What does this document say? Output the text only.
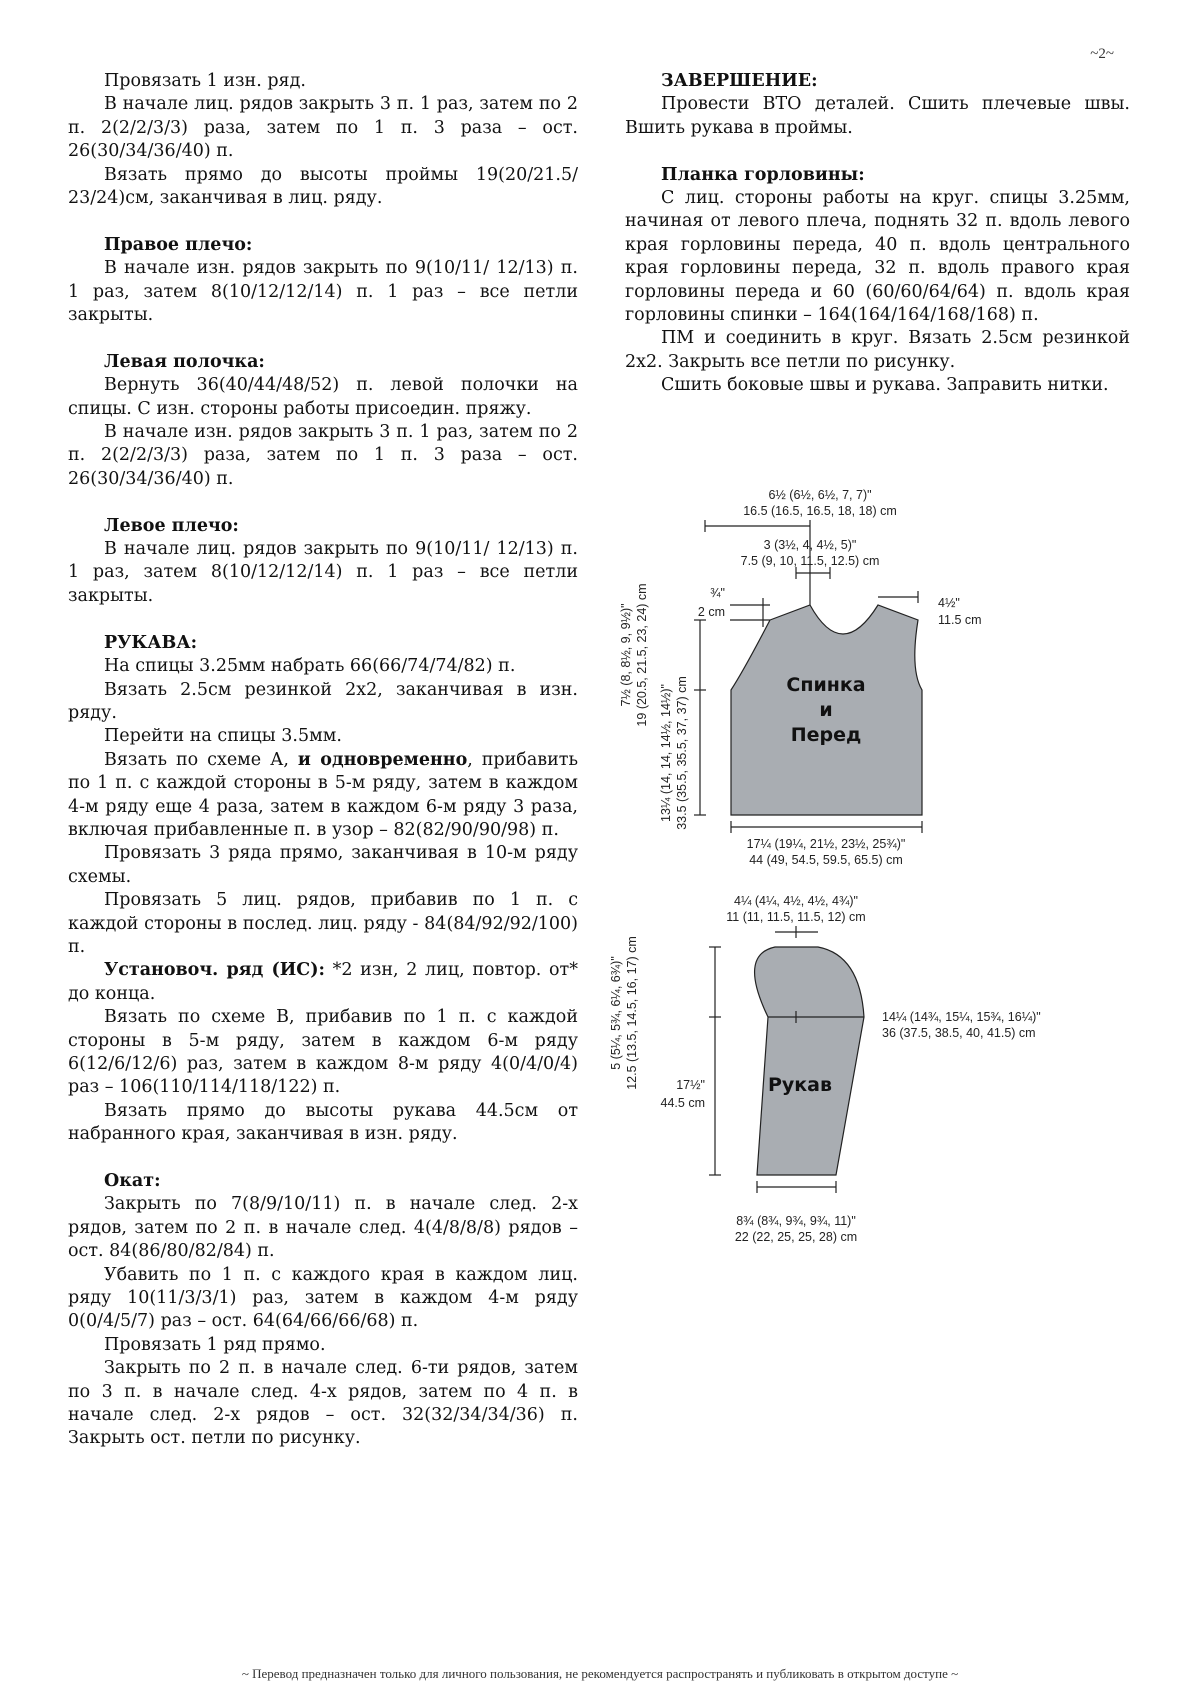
~2~

Провязать 1 изн. ряд.

В начале лиц. рядов закрыть 3 п. 1 раз, затем по 2 п. 2(2/2/3/3) раза, затем по 1 п. 3 раза – ост. 26(30/34/36/40) п.

Вязать прямо до высоты проймы 19(20/21.5/ 23/24)см, заканчивая в лиц. ряду.

Правое плечо:

В начале изн. рядов закрыть по 9(10/11/ 12/13) п. 1 раз, затем 8(10/12/12/14) п. 1 раз – все петли закрыты.

Левая полочка:

Вернуть 36(40/44/48/52) п. левой полочки на спицы. С изн. стороны работы присоедин. пряжу.

В начале изн. рядов закрыть 3 п. 1 раз, затем по 2 п. 2(2/2/3/3) раза, затем по 1 п. 3 раза – ост. 26(30/34/36/40) п.

Левое плечо:

В начале лиц. рядов закрыть по 9(10/11/ 12/13) п. 1 раз, затем 8(10/12/12/14) п. 1 раз – все петли закрыты.

РУКАВА:

На спицы 3.25мм набрать 66(66/74/74/82) п.

Вязать 2.5см резинкой 2х2, заканчивая в изн. ряду.

Перейти на спицы 3.5мм.

Вязать по схеме А, и одновременно, прибавить по 1 п. с каждой стороны в 5-м ряду, затем в каждом 4-м ряду еще 4 раза, затем в каждом 6-м ряду 3 раза, включая прибавленные п. в узор – 82(82/90/90/98) п.

Провязать 3 ряда прямо, заканчивая в 10-м ряду схемы.

Провязать 5 лиц. рядов, прибавив по 1 п. с каждой стороны в послед. лиц. ряду - 84(84/92/92/100) п.

Установоч. ряд (ИС): *2 изн, 2 лиц, повтор. от* до конца.

Вязать по схеме В, прибавив по 1 п. с каждой стороны в 5-м ряду, затем в каждом 6-м ряду 6(12/6/12/6) раз, затем в каждом 8-м ряду 4(0/4/0/4) раз – 106(110/114/118/122) п.

Вязать прямо до высоты рукава 44.5см от набранного края, заканчивая в изн. ряду.

Окат:

Закрыть по 7(8/9/10/11) п. в начале след. 2-х рядов, затем по 2 п. в начале след. 4(4/8/8/8) рядов – ост. 84(86/80/82/84) п.

Убавить по 1 п. с каждого края в каждом лиц. ряду 10(11/3/3/1) раз, затем в каждом 4-м ряду 0(0/4/5/7) раз – ост. 64(64/66/66/68) п.

Провязать 1 ряд прямо.

Закрыть по 2 п. в начале след. 6-ти рядов, затем по 3 п. в начале след. 4-х рядов, затем по 4 п. в начале след. 2-х рядов – ост. 32(32/34/34/36) п. Закрыть ост. петли по рисунку.

ЗАВЕРШЕНИЕ:

Провести ВТО деталей. Сшить плечевые швы. Вшить рукава в проймы.

Планка горловины:

С лиц. стороны работы на круг. спицы 3.25мм, начиная от левого плеча, поднять 32 п. вдоль левого края горловины переда, 40 п. вдоль центрального края горловины переда, 32 п. вдоль правого края горловины переда и 60 (60/60/64/64) п. вдоль края горловины спинки – 164(164/164/168/168) п.

ПМ и соединить в круг. Вязать 2.5см резинкой 2х2. Закрыть все петли по рисунку.

Сшить боковые швы и рукава. Заправить нитки.

6½ (6½, 6½, 7, 7)"
16.5 (16.5, 16.5, 18, 18) cm
3 (3½, 4, 4½, 5)"
7.5 (9, 10, 11.5, 12.5) cm
¾"
2 cm
4½"
11.5 cm
17¼ (19¼, 21½, 23½, 25¾)"
44 (49, 54.5, 59.5, 65.5) cm
7½ (8, 8½, 9, 9½)" 19 (20.5, 21.5, 23, 24) cm
13¼ (14, 14, 14½, 14½)" 33.5 (35.5, 35.5, 37, 37) cm	Спинка
и
Перед
4¼ (4¼, 4½, 4½, 4¾)"
11 (11, 11.5, 11.5, 12) cm
14¼ (14¾, 15¼, 15¾, 16¼)"
36 (37.5, 38.5, 40, 41.5) cm
17½"
44.5 cm
8¾ (8¾, 9¾, 9¾, 11)"
22 (22, 25, 25, 28) cm
5 (5¼, 5¾, 6¼, 6¾)" 12.5 (13.5, 14.5, 16, 17) cm	Рукав
~ Перевод предназначен только для личного пользования, не рекомендуется распространять и публиковать в открытом доступе ~
